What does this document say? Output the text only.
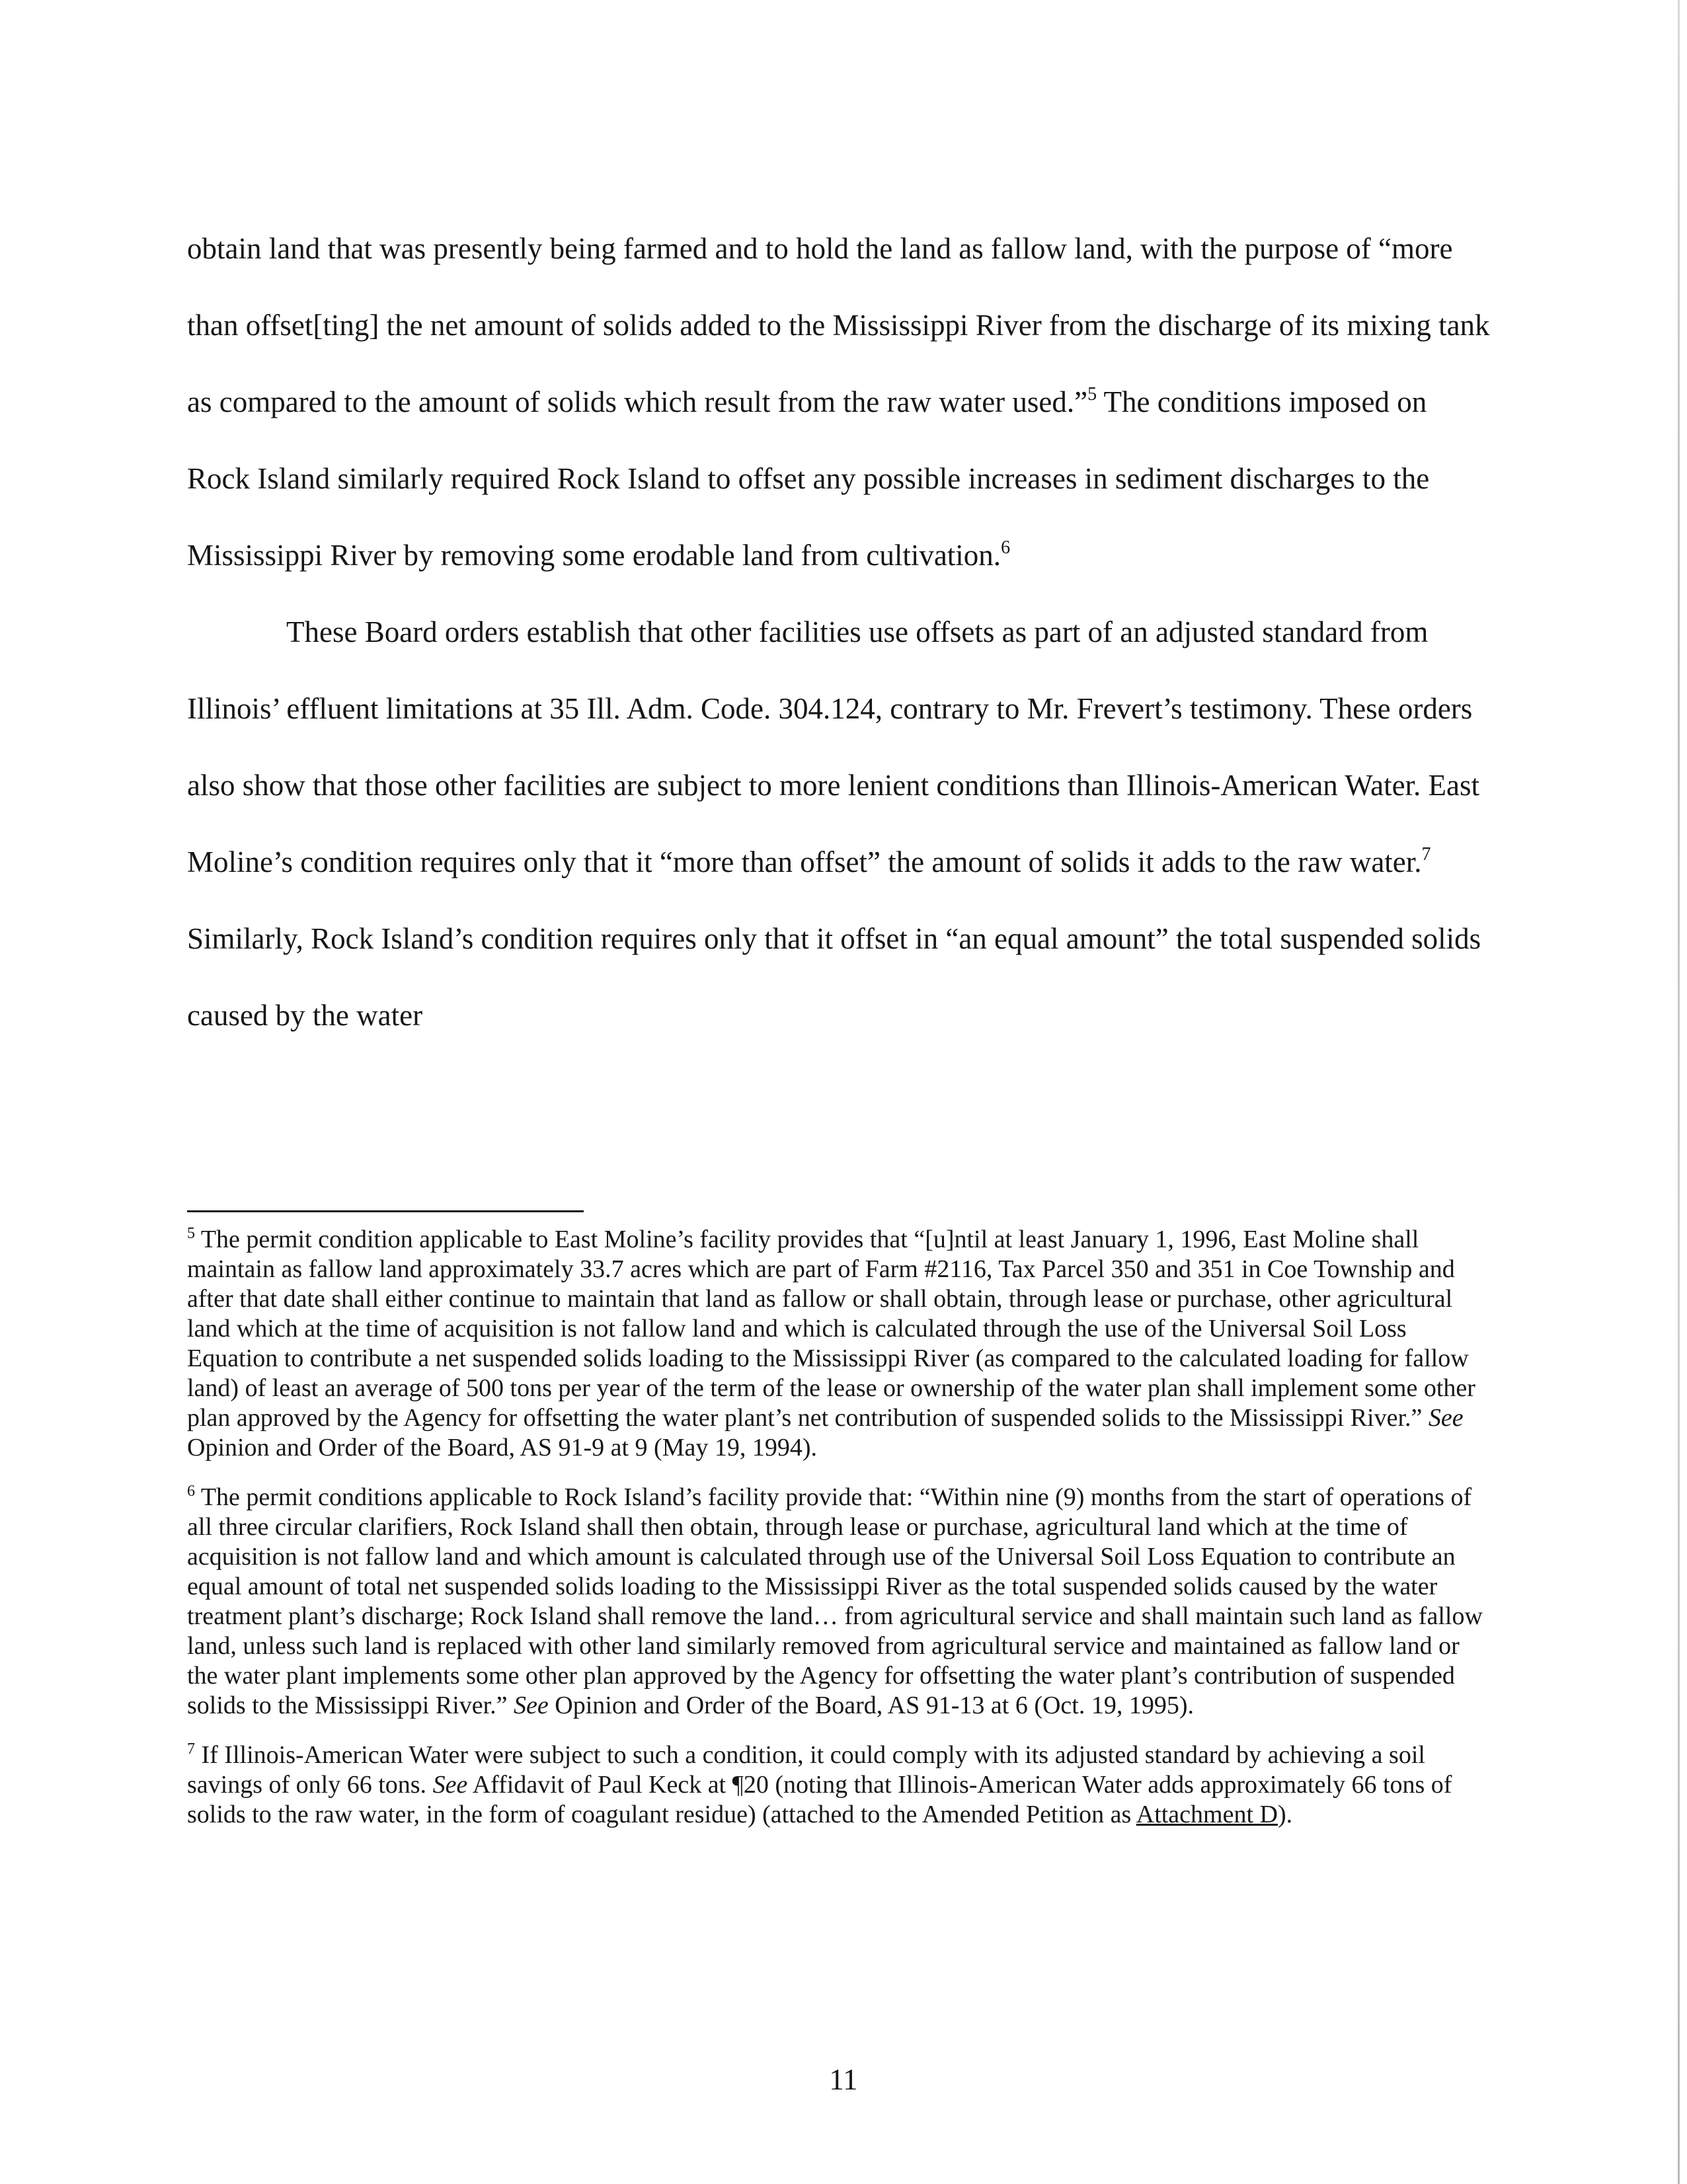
obtain land that was presently being farmed and to hold the land as fallow land, with the purpose of “more than offset[ting] the net amount of solids added to the Mississippi River from the discharge of its mixing tank as compared to the amount of solids which result from the raw water used.”$^5$ The conditions imposed on Rock Island similarly required Rock Island to offset any possible increases in sediment discharges to the Mississippi River by removing some erodable land from cultivation.$^6$

These Board orders establish that other facilities use offsets as part of an adjusted standard from Illinois’ effluent limitations at 35 Ill. Adm. Code. 304.124, contrary to Mr. Frevert’s testimony. These orders also show that those other facilities are subject to more lenient conditions than Illinois-American Water. East Moline’s condition requires only that it “more than offset” the amount of solids it adds to the raw water.$^7$ Similarly, Rock Island’s condition requires only that it offset in “an equal amount” the total suspended solids caused by the water

$^5$ The permit condition applicable to East Moline’s facility provides that “[u]ntil at least January 1, 1996, East Moline shall maintain as fallow land approximately 33.7 acres which are part of Farm #2116, Tax Parcel 350 and 351 in Coe Township and after that date shall either continue to maintain that land as fallow or shall obtain, through lease or purchase, other agricultural land which at the time of acquisition is not fallow land and which is calculated through the use of the Universal Soil Loss Equation to contribute a net suspended solids loading to the Mississippi River (as compared to the calculated loading for fallow land) of least an average of 500 tons per year of the term of the lease or ownership of the water plan shall implement some other plan approved by the Agency for offsetting the water plant’s net contribution of suspended solids to the Mississippi River.” See Opinion and Order of the Board, AS 91-9 at 9 (May 19, 1994).

$^6$ The permit conditions applicable to Rock Island’s facility provide that: “Within nine (9) months from the start of operations of all three circular clarifiers, Rock Island shall then obtain, through lease or purchase, agricultural land which at the time of acquisition is not fallow land and which amount is calculated through use of the Universal Soil Loss Equation to contribute an equal amount of total net suspended solids loading to the Mississippi River as the total suspended solids caused by the water treatment plant’s discharge; Rock Island shall remove the land… from agricultural service and shall maintain such land as fallow land, unless such land is replaced with other land similarly removed from agricultural service and maintained as fallow land or the water plant implements some other plan approved by the Agency for offsetting the water plant’s contribution of suspended solids to the Mississippi River.” See Opinion and Order of the Board, AS 91-13 at 6 (Oct. 19, 1995).

$^7$ If Illinois-American Water were subject to such a condition, it could comply with its adjusted standard by achieving a soil savings of only 66 tons. See Affidavit of Paul Keck at ¶20 (noting that Illinois-American Water adds approximately 66 tons of solids to the raw water, in the form of coagulant residue) (attached to the Amended Petition as Attachment D).

11
